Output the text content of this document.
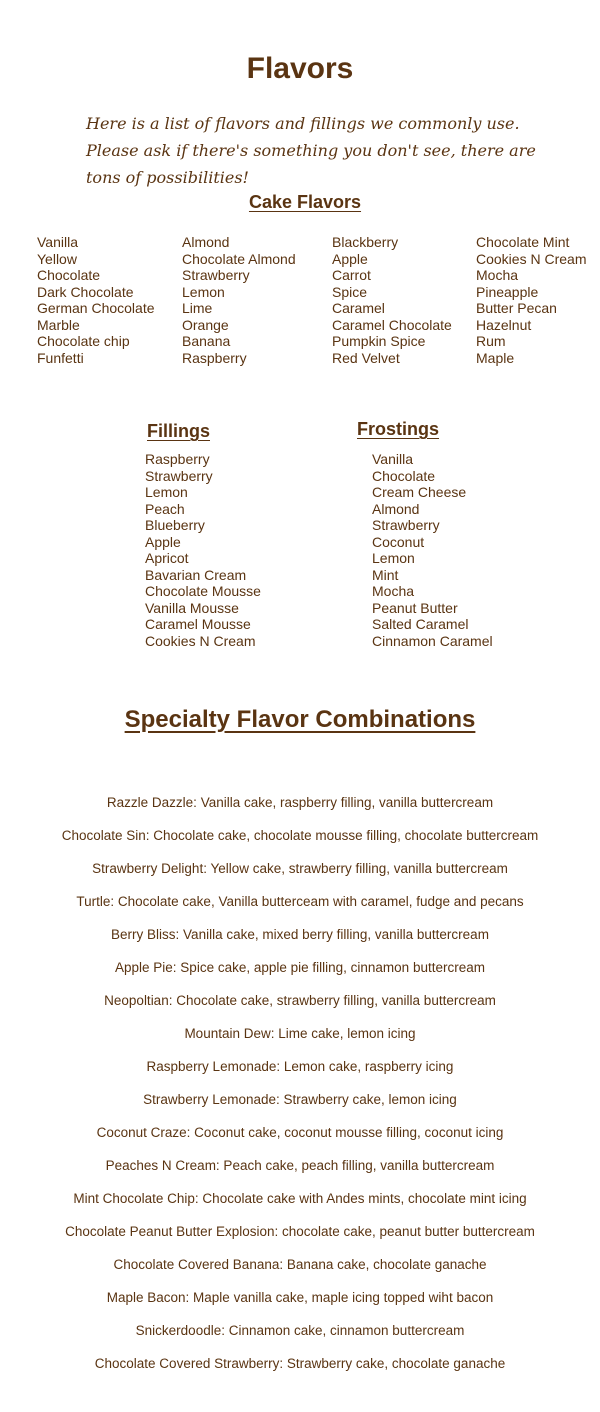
Flavors

Here is a list of flavors and fillings we commonly use. Please ask if there's something you don't see, there are tons of possibilities!

Cake Flavors
Vanilla
Yellow
Chocolate
Dark Chocolate
German Chocolate
Marble
Chocolate chip
Funfetti
Almond
Chocolate Almond
Strawberry
Lemon
Lime
Orange
Banana
Raspberry
Blackberry
Apple
Carrot
Spice
Caramel
Caramel Chocolate
Pumpkin Spice
Red Velvet
Chocolate Mint
Cookies N Cream
Mocha
Pineapple
Butter Pecan
Hazelnut
Rum
Maple
Fillings
Raspberry
Strawberry
Lemon
Peach
Blueberry
Apple
Apricot
Bavarian Cream
Chocolate Mousse
Vanilla Mousse
Caramel Mousse
Cookies N Cream
Frostings
Vanilla
Chocolate
Cream Cheese
Almond
Strawberry
Coconut
Lemon
Mint
Mocha
Peanut Butter
Salted Caramel
Cinnamon Caramel
Specialty Flavor Combinations
Razzle Dazzle: Vanilla cake, raspberry filling, vanilla buttercream
Chocolate Sin: Chocolate cake, chocolate mousse filling, chocolate buttercream
Strawberry Delight: Yellow cake, strawberry filling, vanilla buttercream
Turtle: Chocolate cake, Vanilla butterceam with caramel, fudge and pecans
Berry Bliss: Vanilla cake, mixed berry filling, vanilla buttercream
Apple Pie: Spice cake, apple pie filling, cinnamon buttercream
Neopoltian: Chocolate cake, strawberry filling, vanilla buttercream
Mountain Dew: Lime cake, lemon icing
Raspberry Lemonade: Lemon cake, raspberry icing
Strawberry Lemonade: Strawberry cake, lemon icing
Coconut Craze: Coconut cake, coconut mousse filling, coconut icing
Peaches N Cream: Peach cake, peach filling, vanilla buttercream
Mint Chocolate Chip: Chocolate cake with Andes mints, chocolate mint icing
Chocolate Peanut Butter Explosion: chocolate cake, peanut butter buttercream
Chocolate Covered Banana: Banana cake, chocolate ganache
Maple Bacon: Maple vanilla cake, maple icing topped wiht bacon
Snickerdoodle: Cinnamon cake, cinnamon buttercream
Chocolate Covered Strawberry: Strawberry cake, chocolate ganache
